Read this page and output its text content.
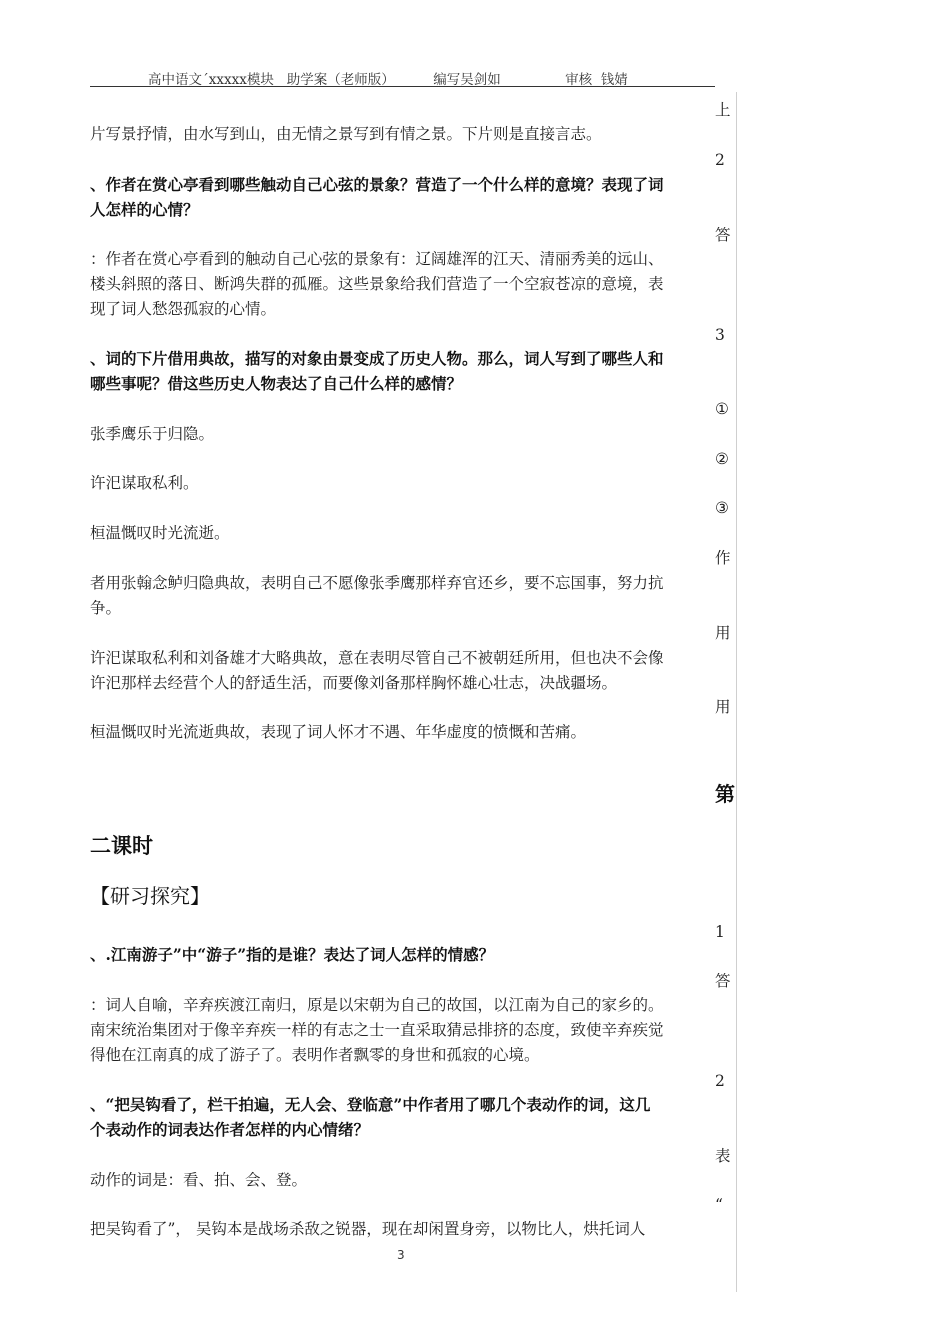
高中语文ˊxxxxx模块   助学案（老师版）         编写吴剑如               审核  钱婧
上
2
答
3
①
②
③
作
用
用
第
1
答
2
表
“
片写景抒情，由水写到山，由无情之景写到有情之景。下片则是直接言志。
、作者在赏心亭看到哪些触动自己心弦的景象？营造了一个什么样的意境？表现了词
人怎样的心情？
：作者在赏心亭看到的触动自己心弦的景象有：辽阔雄浑的江天、清丽秀美的远山、
楼头斜照的落日、断鸿失群的孤雁。这些景象给我们营造了一个空寂苍凉的意境，表
现了词人愁怨孤寂的心情。
、词的下片借用典故，描写的对象由景变成了历史人物。那么，词人写到了哪些人和
哪些事呢？借这些历史人物表达了自己什么样的感情？
张季鹰乐于归隐。
许汜谋取私利。
桓温慨叹时光流逝。
者用张翰念鲈归隐典故，表明自己不愿像张季鹰那样弃官还乡，要不忘国事，努力抗
争。
许汜谋取私利和刘备雄才大略典故，意在表明尽管自己不被朝廷所用，但也决不会像
许汜那样去经营个人的舒适生活，而要像刘备那样胸怀雄心壮志，决战疆场。
桓温慨叹时光流逝典故，表现了词人怀才不遇、年华虚度的愤慨和苦痛。
二课时
【研习探究】
、.江南游子”中“游子”指的是谁？表达了词人怎样的情感？
：词人自喻，辛弃疾渡江南归，原是以宋朝为自己的故国，以江南为自己的家乡的。
南宋统治集团对于像辛弃疾一样的有志之士一直采取猜忌排挤的态度，致使辛弃疾觉
得他在江南真的成了游子了。表明作者飘零的身世和孤寂的心境。
、“把吴钩看了，栏干拍遍，无人会、登临意”中作者用了哪几个表动作的词，这几
个表动作的词表达作者怎样的内心情绪？
动作的词是：看、拍、会、登。
把吴钩看了”， 吴钩本是战场杀敌之锐器，现在却闲置身旁，以物比人，烘托词人
3
